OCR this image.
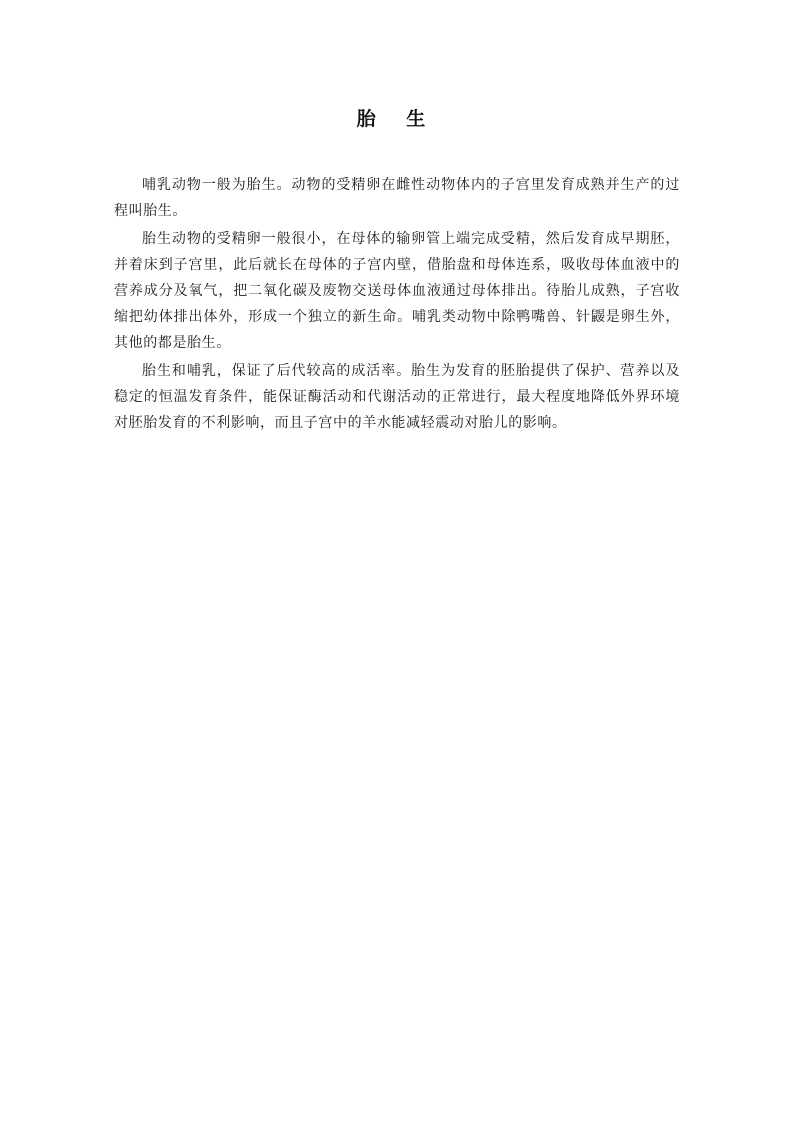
胎 生

哺乳动物一般为胎生。动物的受精卵在雌性动物体内的子宫里发育成熟并生产的过程叫胎生。

胎生动物的受精卵一般很小，在母体的输卵管上端完成受精，然后发育成早期胚，并着床到子宫里，此后就长在母体的子宫内壁，借胎盘和母体连系，吸收母体血液中的营养成分及氧气，把二氧化碳及废物交送母体血液通过母体排出。待胎儿成熟，子宫收缩把幼体排出体外，形成一个独立的新生命。哺乳类动物中除鸭嘴兽、针鼹是卵生外，其他的都是胎生。

胎生和哺乳，保证了后代较高的成活率。胎生为发育的胚胎提供了保护、营养以及稳定的恒温发育条件，能保证酶活动和代谢活动的正常进行，最大程度地降低外界环境对胚胎发育的不利影响，而且子宫中的羊水能减轻震动对胎儿的影响。
